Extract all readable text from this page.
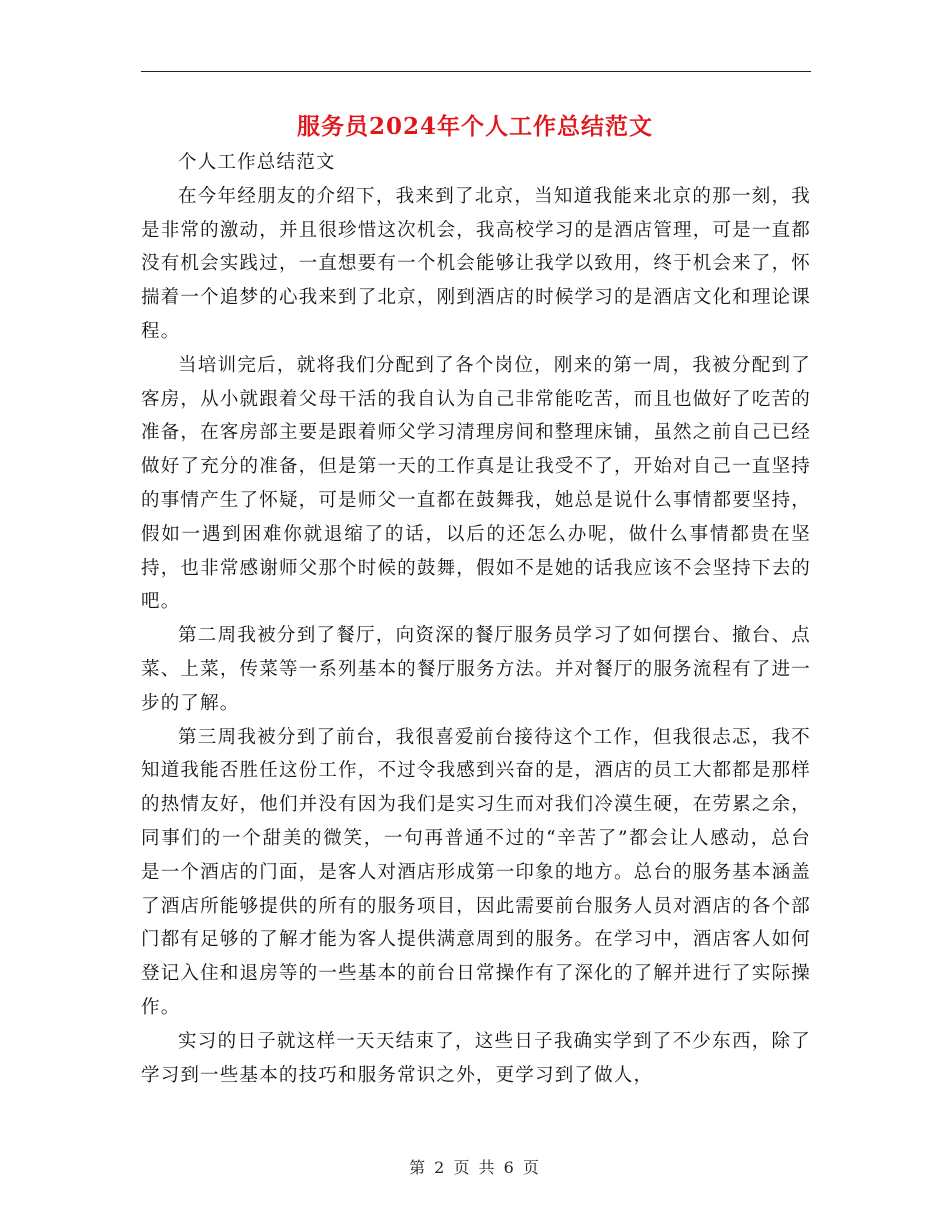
服务员2024年个人工作总结范文
个人工作总结范文

在今年经朋友的介绍下，我来到了北京，当知道我能来北京的那一刻，我是非常的激动，并且很珍惜这次机会，我高校学习的是酒店管理，可是一直都没有机会实践过，一直想要有一个机会能够让我学以致用，终于机会来了，怀揣着一个追梦的心我来到了北京，刚到酒店的时候学习的是酒店文化和理论课程。

当培训完后，就将我们分配到了各个岗位，刚来的第一周，我被分配到了客房，从小就跟着父母干活的我自认为自己非常能吃苦，而且也做好了吃苦的准备，在客房部主要是跟着师父学习清理房间和整理床铺，虽然之前自己已经做好了充分的准备，但是第一天的工作真是让我受不了，开始对自己一直坚持的事情产生了怀疑，可是师父一直都在鼓舞我，她总是说什么事情都要坚持，假如一遇到困难你就退缩了的话，以后的还怎么办呢，做什么事情都贵在坚持，也非常感谢师父那个时候的鼓舞，假如不是她的话我应该不会坚持下去的吧。

第二周我被分到了餐厅，向资深的餐厅服务员学习了如何摆台、撤台、点菜、上菜，传菜等一系列基本的餐厅服务方法。并对餐厅的服务流程有了进一步的了解。

第三周我被分到了前台，我很喜爱前台接待这个工作，但我很忐忑，我不知道我能否胜任这份工作，不过令我感到兴奋的是，酒店的员工大都都是那样的热情友好，他们并没有因为我们是实习生而对我们冷漠生硬，在劳累之余，同事们的一个甜美的微笑，一句再普通不过的“辛苦了”都会让人感动，总台是一个酒店的门面，是客人对酒店形成第一印象的地方。总台的服务基本涵盖了酒店所能够提供的所有的服务项目，因此需要前台服务人员对酒店的各个部门都有足够的了解才能为客人提供满意周到的服务。在学习中，酒店客人如何登记入住和退房等的一些基本的前台日常操作有了深化的了解并进行了实际操作。

实习的日子就这样一天天结束了，这些日子我确实学到了不少东西，除了学习到一些基本的技巧和服务常识之外，更学习到了做人，

第 2 页 共 6 页
